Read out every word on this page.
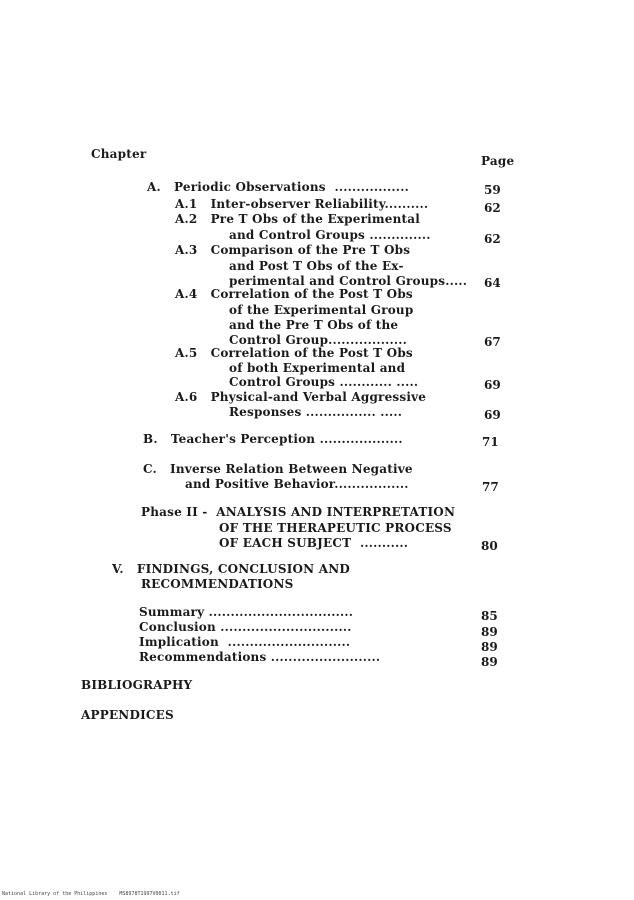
Chapter	Page
A.   Periodic Observations  .................	59
A.1   Inter-observer Reliability..........	62
A.2   Pre T Obs of the Experimental
and Control Groups ..............	62
A.3   Comparison of the Pre T Obs
and Post T Obs of the Ex-
perimental and Control Groups..... 64
A.4   Correlation of the Post T Obs
of the Experimental Group
and the Pre T Obs of the
Control Group..................	67
A.5   Correlation of the Post T Obs
of both Experimental and
Control Groups ............ .....	69
A.6   Physical-and Verbal Aggressive
Responses ................ .....	69
B.   Teacher's Perception ...................	71
C.   Inverse Relation Between Negative
and Positive Behavior.................	77
Phase II -  ANALYSIS AND INTERPRETATION
OF THE THERAPEUTIC PROCESS
OF EACH SUBJECT  ...........	80
V.   FINDINGS, CONCLUSION AND
RECOMMENDATIONS
Summary .................................	85
Conclusion ..............................	89
Implication  ............................	89
Recommendations .........................	89
BIBLIOGRAPHY
APPENDICES
National Library of the Philippines    MS8978T1997V0011.tif
